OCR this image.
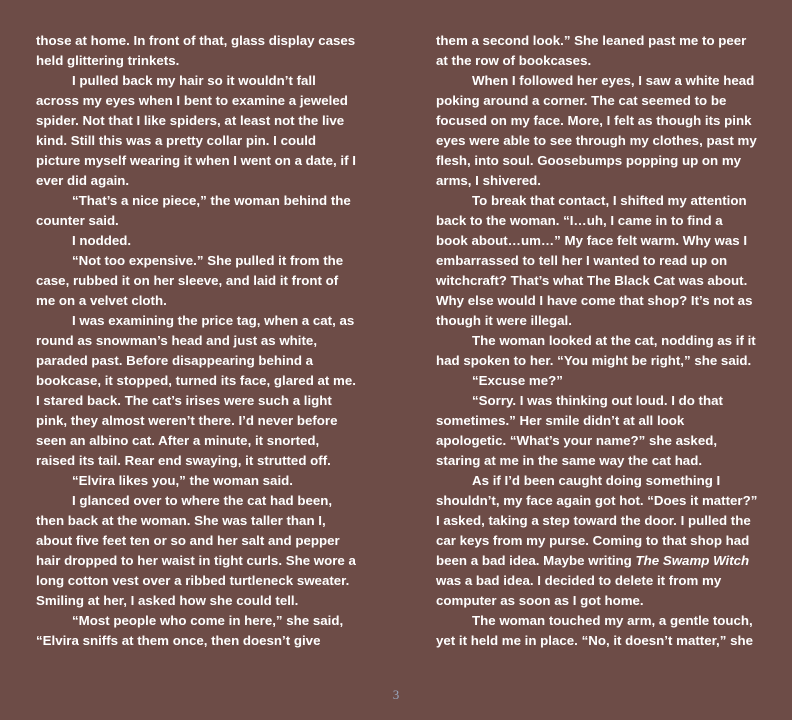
those at home. In front of that, glass display cases held glittering trinkets.

I pulled back my hair so it wouldn’t fall across my eyes when I bent to examine a jeweled spider. Not that I like spiders, at least not the live kind. Still this was a pretty collar pin. I could picture myself wearing it when I went on a date, if I ever did again.

“That’s a nice piece,” the woman behind the counter said.

I nodded.

“Not too expensive.” She pulled it from the case, rubbed it on her sleeve, and laid it front of me on a velvet cloth.

I was examining the price tag, when a cat, as round as snowman’s head and just as white, paraded past. Before disappearing behind a bookcase, it stopped, turned its face, glared at me. I stared back. The cat’s irises were such a light pink, they almost weren’t there. I’d never before seen an albino cat. After a minute, it snorted, raised its tail. Rear end swaying, it strutted off.

“Elvira likes you,” the woman said.

I glanced over to where the cat had been, then back at the woman. She was taller than I, about five feet ten or so and her salt and pepper hair dropped to her waist in tight curls. She wore a long cotton vest over a ribbed turtleneck sweater. Smiling at her, I asked how she could tell.

“Most people who come in here,” she said, “Elvira sniffs at them once, then doesn’t give

them a second look.” She leaned past me to peer at the row of bookcases.

When I followed her eyes, I saw a white head poking around a corner. The cat seemed to be focused on my face. More, I felt as though its pink eyes were able to see through my clothes, past my flesh, into soul. Goosebumps popping up on my arms, I shivered.

To break that contact, I shifted my attention back to the woman. “I…uh, I came in to find a book about…um…” My face felt warm. Why was I embarrassed to tell her I wanted to read up on witchcraft? That’s what The Black Cat was about. Why else would I have come that shop? It’s not as though it were illegal.

The woman looked at the cat, nodding as if it had spoken to her. “You might be right,” she said.

“Excuse me?”

“Sorry. I was thinking out loud. I do that sometimes.” Her smile didn’t at all look apologetic. “What’s your name?” she asked, staring at me in the same way the cat had.

As if I’d been caught doing something I shouldn’t, my face again got hot. “Does it matter?” I asked, taking a step toward the door. I pulled the car keys from my purse. Coming to that shop had been a bad idea. Maybe writing The Swamp Witch was a bad idea. I decided to delete it from my computer as soon as I got home.

The woman touched my arm, a gentle touch, yet it held me in place. “No, it doesn’t matter,” she

3
